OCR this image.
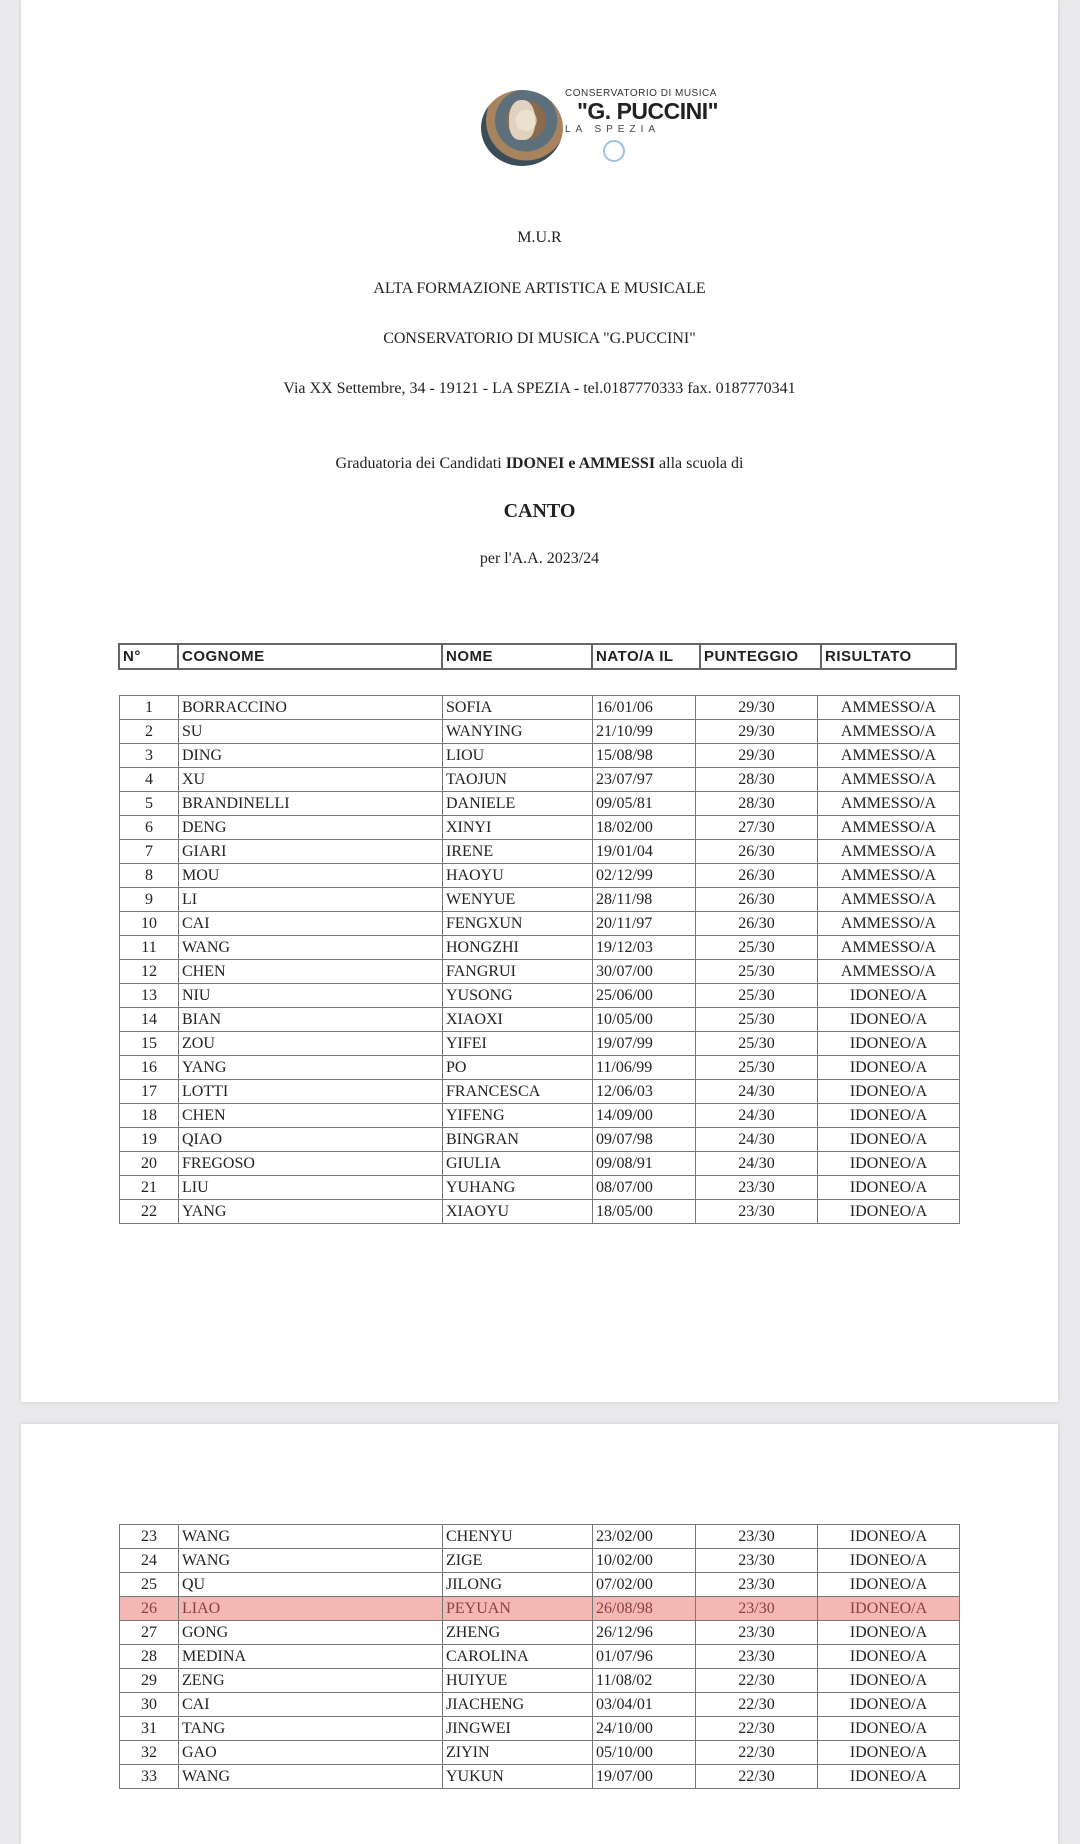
CONSERVATORIO DI MUSICA
"G. PUCCINI"
LA SPEZIA
M.U.R
ALTA FORMAZIONE ARTISTICA E MUSICALE
CONSERVATORIO DI MUSICA "G.PUCCINI"
Via XX Settembre, 34 - 19121 - LA SPEZIA - tel.0187770333 fax. 0187770341
Graduatoria dei Candidati IDONEI e AMMESSI alla scuola di
CANTO
per l'A.A. 2023/24
N°	COGNOME	NOME	NATO/A IL	PUNTEGGIO	RISULTATO
1	BORRACCINO	SOFIA	16/01/06	29/30	AMMESSO/A
2	SU	WANYING	21/10/99	29/30	AMMESSO/A
3	DING	LIOU	15/08/98	29/30	AMMESSO/A
4	XU	TAOJUN	23/07/97	28/30	AMMESSO/A
5	BRANDINELLI	DANIELE	09/05/81	28/30	AMMESSO/A
6	DENG	XINYI	18/02/00	27/30	AMMESSO/A
7	GIARI	IRENE	19/01/04	26/30	AMMESSO/A
8	MOU	HAOYU	02/12/99	26/30	AMMESSO/A
9	LI	WENYUE	28/11/98	26/30	AMMESSO/A
10	CAI	FENGXUN	20/11/97	26/30	AMMESSO/A
11	WANG	HONGZHI	19/12/03	25/30	AMMESSO/A
12	CHEN	FANGRUI	30/07/00	25/30	AMMESSO/A
13	NIU	YUSONG	25/06/00	25/30	IDONEO/A
14	BIAN	XIAOXI	10/05/00	25/30	IDONEO/A
15	ZOU	YIFEI	19/07/99	25/30	IDONEO/A
16	YANG	PO	11/06/99	25/30	IDONEO/A
17	LOTTI	FRANCESCA	12/06/03	24/30	IDONEO/A
18	CHEN	YIFENG	14/09/00	24/30	IDONEO/A
19	QIAO	BINGRAN	09/07/98	24/30	IDONEO/A
20	FREGOSO	GIULIA	09/08/91	24/30	IDONEO/A
21	LIU	YUHANG	08/07/00	23/30	IDONEO/A
22	YANG	XIAOYU	18/05/00	23/30	IDONEO/A
23	WANG	CHENYU	23/02/00	23/30	IDONEO/A
24	WANG	ZIGE	10/02/00	23/30	IDONEO/A
25	QU	JILONG	07/02/00	23/30	IDONEO/A
26	LIAO	PEYUAN	26/08/98	23/30	IDONEO/A
27	GONG	ZHENG	26/12/96	23/30	IDONEO/A
28	MEDINA	CAROLINA	01/07/96	23/30	IDONEO/A
29	ZENG	HUIYUE	11/08/02	22/30	IDONEO/A
30	CAI	JIACHENG	03/04/01	22/30	IDONEO/A
31	TANG	JINGWEI	24/10/00	22/30	IDONEO/A
32	GAO	ZIYIN	05/10/00	22/30	IDONEO/A
33	WANG	YUKUN	19/07/00	22/30	IDONEO/A
